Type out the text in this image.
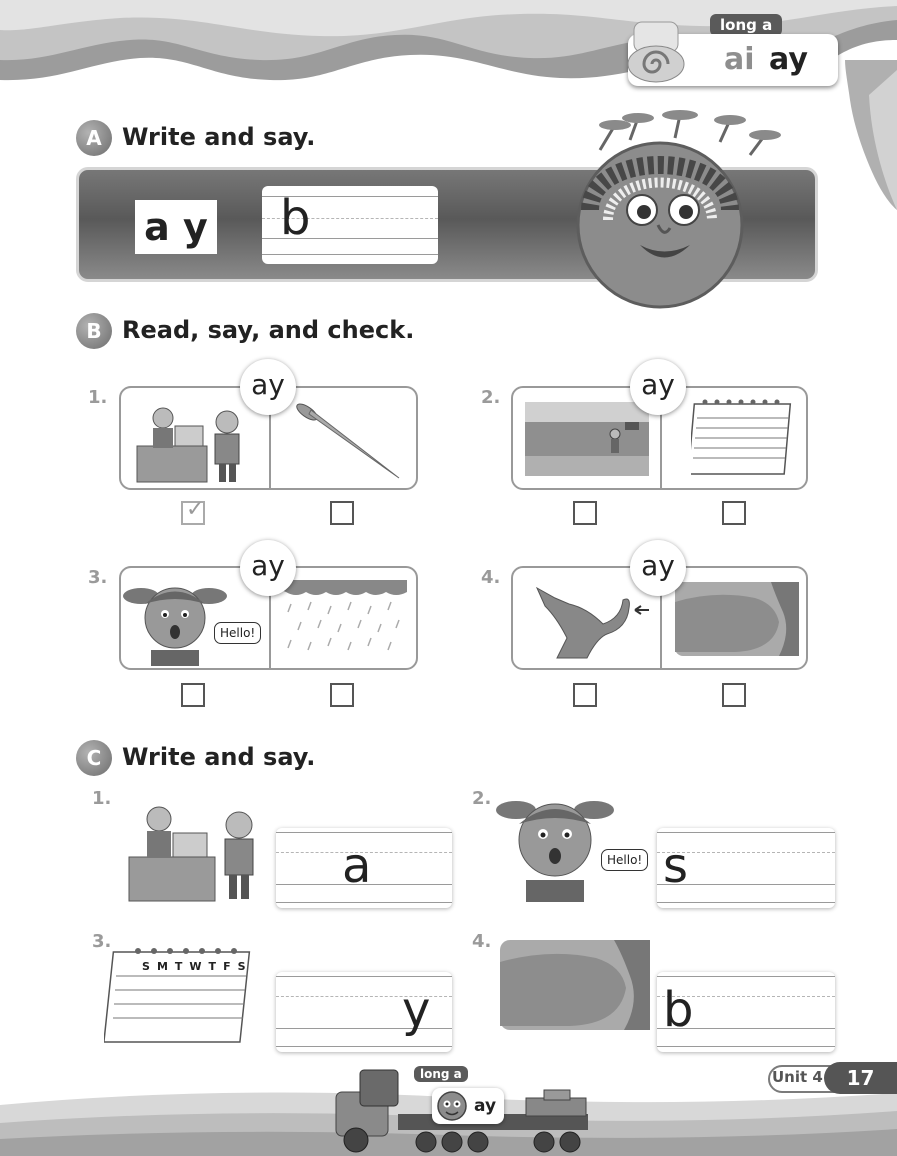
long a
ai ay
A Write and say.
a y b
B Read, say, and check.
1.	ay
✓
2.	ay
3.
Hello!
ay	4.	ay
C Write and say.
1.
a
2.
Hello! s
3.
SMTWTFS
y
4.
b
long a
ay
Unit 4	17
